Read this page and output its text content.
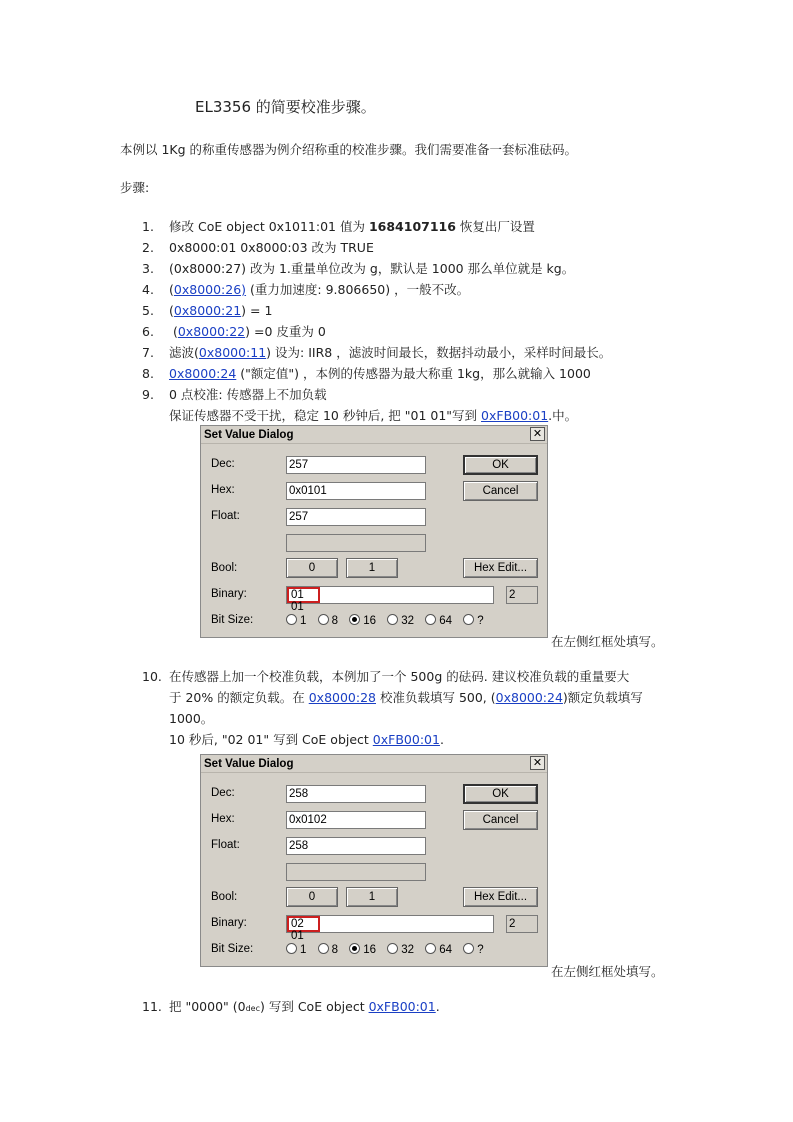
EL3356 的简要校准步骤。
本例以 1Kg 的称重传感器为例介绍称重的校准步骤。我们需要准备一套标准砝码。
步骤:
1. 修改 CoE object 0x1011:01 值为 1684107116 恢复出厂设置
2. 0x8000:01 0x8000:03 改为 TRUE
3. (0x8000:27) 改为 1.重量单位改为 g，默认是 1000 那么单位就是 kg。
4. (0x8000:26) (重力加速度: 9.806650) ，一般不改。
5. (0x8000:21) = 1
6. (0x8000:22) =0 皮重为 0
7. 滤波(0x8000:11) 设为: IIR8 ，滤波时间最长，数据抖动最小，采样时间最长。
8. 0x8000:24 ("额定值") ，本例的传感器为最大称重 1kg，那么就输入 1000
9. 0 点校准: 传感器上不加负载
保证传感器不受干扰，稳定 10 秒钟后, 把 "01 01"写到 0xFB00:01.中。
Set Value Dialog	✕
Dec:	257
Hex:	0x0101
Float:	257
OK
Cancel
Bool:	0	1	Hex Edit...
Binary:	01 01
2
Bit Size:	1 8 16 32 64 ?
在左侧红框处填写。
10. 在传感器上加一个校准负载，本例加了一个 500g 的砝码. 建议校准负载的重量要大
于 20% 的额定负载。在 0x8000:28 校准负载填写 500, (0x8000:24)额定负载填写
1000。
10 秒后, "02 01" 写到 CoE object 0xFB00:01.
Set Value Dialog	✕
Dec:	258
Hex:	0x0102
Float:	258
OK
Cancel
Bool:	0	1	Hex Edit...
Binary:	02 01
2
Bit Size:	1 8 16 32 64 ?
在左侧红框处填写。
11. 把 "0000" (0dec) 写到 CoE object 0xFB00:01.
